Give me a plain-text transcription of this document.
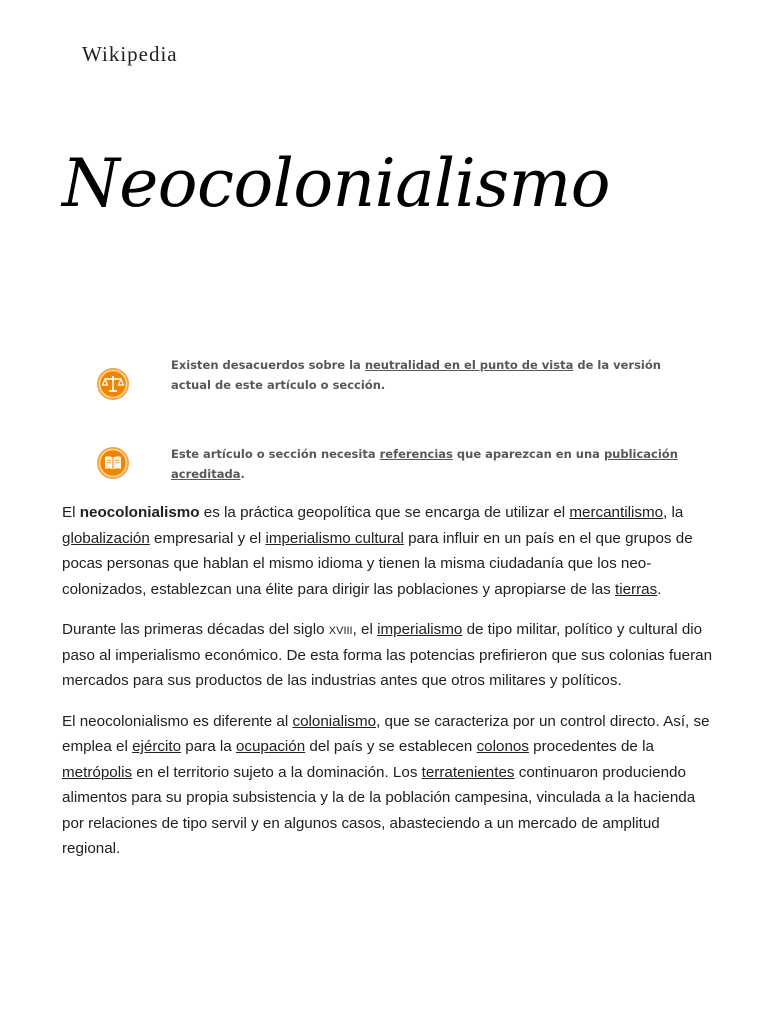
Wikipedia
Neocolonialismo
Existen desacuerdos sobre la neutralidad en el punto de vista de la versión actual de este artículo o sección.
Este artículo o sección necesita referencias que aparezcan en una publicación acreditada.

El neocolonialismo es la práctica geopolítica que se encarga de utilizar el mercantilismo, la globalización empresarial y el imperialismo cultural para influir en un país en el que grupos de pocas personas que hablan el mismo idioma y tienen la misma ciudadanía que los neo-colonizados, establezcan una élite para dirigir las poblaciones y apropiarse de las tierras.

Durante las primeras décadas del siglo xviii, el imperialismo de tipo militar, político y cultural dio paso al imperialismo económico. De esta forma las potencias prefirieron que sus colonias fueran mercados para sus productos de las industrias antes que otros militares y políticos.

El neocolonialismo es diferente al colonialismo, que se caracteriza por un control directo. Así, se emplea el ejército para la ocupación del país y se establecen colonos procedentes de la metrópolis en el territorio sujeto a la dominación. Los terratenientes continuaron produciendo alimentos para su propia subsistencia y la de la población campesina, vinculada a la hacienda por relaciones de tipo servil y en algunos casos, abasteciendo a un mercado de amplitud regional.
